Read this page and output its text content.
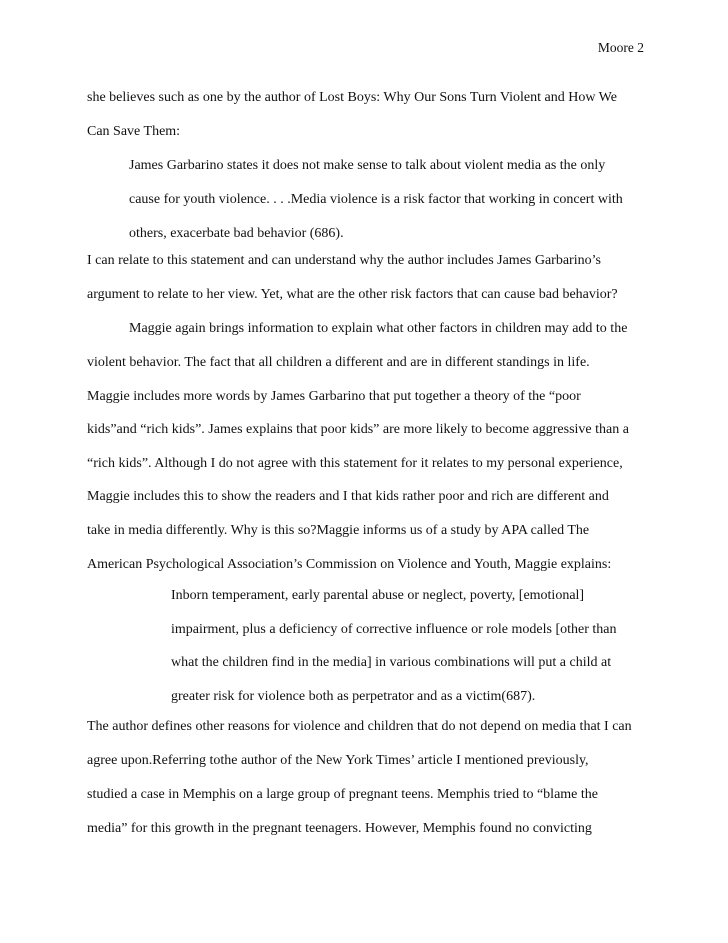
Moore 2
she believes such as one by the author of Lost Boys: Why Our Sons Turn Violent and How We
Can Save Them:
James Garbarino states it does not make sense to talk about violent media as the only
cause for youth violence. . . .Media violence is a risk factor that working in concert with
others, exacerbate bad behavior (686).
I can relate to this statement and can understand why the author includes James Garbarino’s
argument to relate to her view. Yet, what are the other risk factors that can cause bad behavior?
Maggie again brings information to explain what other factors in children may add to the
violent behavior. The fact that all children a different and are in different standings in life.
Maggie includes more words by James Garbarino that put together a theory of the “poor
kids”and “rich kids”. James explains that poor kids” are more likely to become aggressive than a
“rich kids”. Although I do not agree with this statement for it relates to my personal experience,
Maggie includes this to show the readers and I that kids rather poor and rich are different and
take in media differently. Why is this so?Maggie informs us of a study by APA called The
American Psychological Association’s Commission on Violence and Youth, Maggie explains:
Inborn temperament, early parental abuse or neglect, poverty, [emotional]
impairment, plus a deficiency of corrective influence or role models [other than
what the children find in the media] in various combinations will put a child at
greater risk for violence both as perpetrator and as a victim(687).
The author defines other reasons for violence and children that do not depend on media that I can
agree upon.Referring tothe author of the New York Times’ article I mentioned previously,
studied a case in Memphis on a large group of pregnant teens. Memphis tried to “blame the
media” for this growth in the pregnant teenagers. However, Memphis found no convicting
